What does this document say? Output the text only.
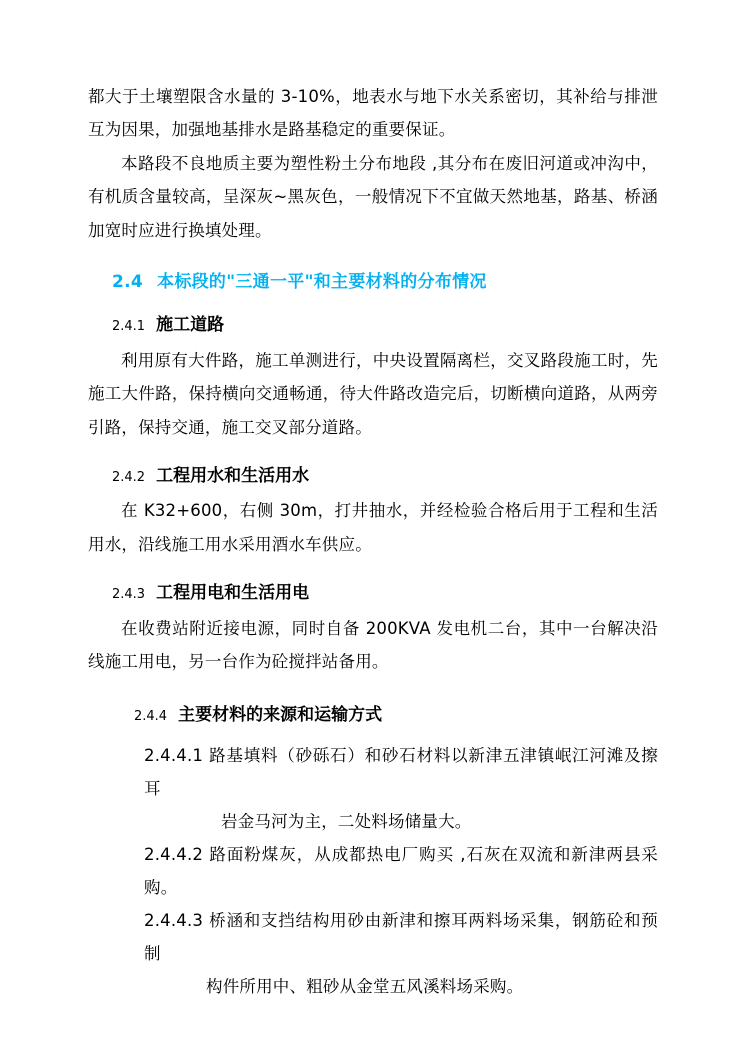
都大于土壤塑限含水量的 3-10%，地表水与地下水关系密切，其补给与排泄互为因果，加强地基排水是路基稳定的重要保证。

本路段不良地质主要为塑性粉土分布地段 ,其分布在废旧河道或冲沟中，有机质含量较高，呈深灰~黑灰色，一般情况下不宜做天然地基，路基、桥涵加宽时应进行换填处理。

2.4 本标段的"三通一平"和主要材料的分布情况
2.4.1 施工道路

利用原有大件路，施工单测进行，中央设置隔离栏，交叉路段施工时，先施工大件路，保持横向交通畅通，待大件路改造完后，切断横向道路，从两旁引路，保持交通，施工交叉部分道路。

2.4.2 工程用水和生活用水

在 K32+600，右侧 30m，打井抽水，并经检验合格后用于工程和生活用水，沿线施工用水采用酒水车供应。

2.4.3 工程用电和生活用电

在收费站附近接电源，同时自备 200KVA 发电机二台，其中一台解决沿线施工用电，另一台作为砼搅拌站备用。

2.4.4 主要材料的来源和运输方式

2.4.4.1 路基填料（砂砾石）和砂石材料以新津五津镇岷江河滩及擦耳

岩金马河为主，二处料场储量大。

2.4.4.2 路面粉煤灰，从成都热电厂购买 ,石灰在双流和新津两县采购。

2.4.4.3 桥涵和支挡结构用砂由新津和擦耳两料场采集，钢筋砼和预制

构件所用中、粗砂从金堂五风溪料场采购。
